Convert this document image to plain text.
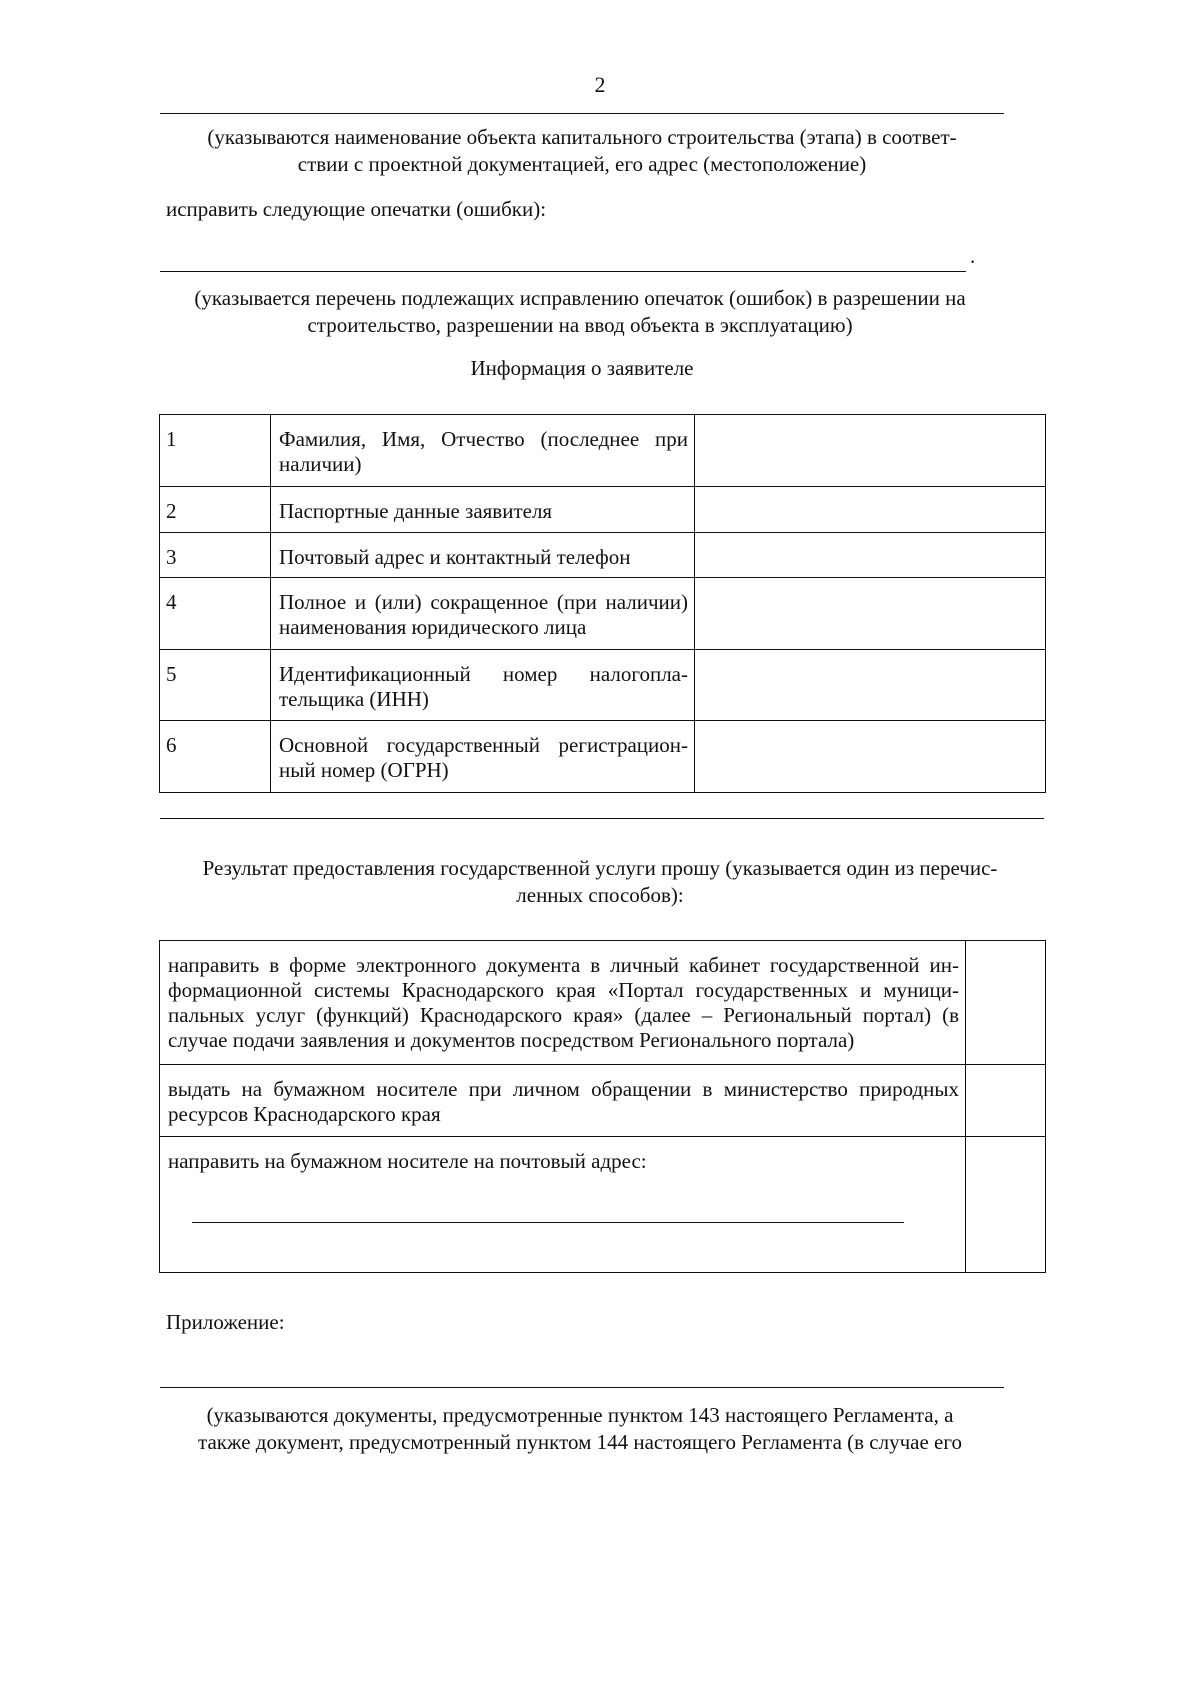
2
(указываются наименование объекта капитального строительства (этапа) в соответ-
ствии с проектной документацией, его адрес (местоположение)
исправить следующие опечатки (ошибки):
.
(указывается перечень подлежащих исправлению опечаток (ошибок) в разрешении на
строительство, разрешении на ввод объекта в эксплуатацию)
Информация о заявителе
1	Фамилия, Имя, Отчество (последнее при наличии)	
2	Паспортные данные заявителя	
3	Почтовый адрес и контактный телефон	
4	Полное и (или) сокращенное (при наличии) наименования юридического лица	
5	Идентификационный номер налогопла-тельщика (ИНН)	
6	Основной государственный регистрацион-ный номер (ОГРН)	
Результат предоставления государственной услуги прошу (указывается один из перечис-
ленных способов):
направить в форме электронного документа в личный кабинет государственной ин-формационной системы Краснодарского края «Портал государственных и муници-пальных услуг (функций) Краснодарского края» (далее – Региональный портал) (в случае подачи заявления и документов посредством Регионального портала)	
выдать на бумажном носителе при личном обращении в министерство природных ресурсов Краснодарского края	
направить на бумажном носителе на почтовый адрес:

Приложение:
(указываются документы, предусмотренные пунктом 143 настоящего Регламента, а
также документ, предусмотренный пунктом 144 настоящего Регламента (в случае его
